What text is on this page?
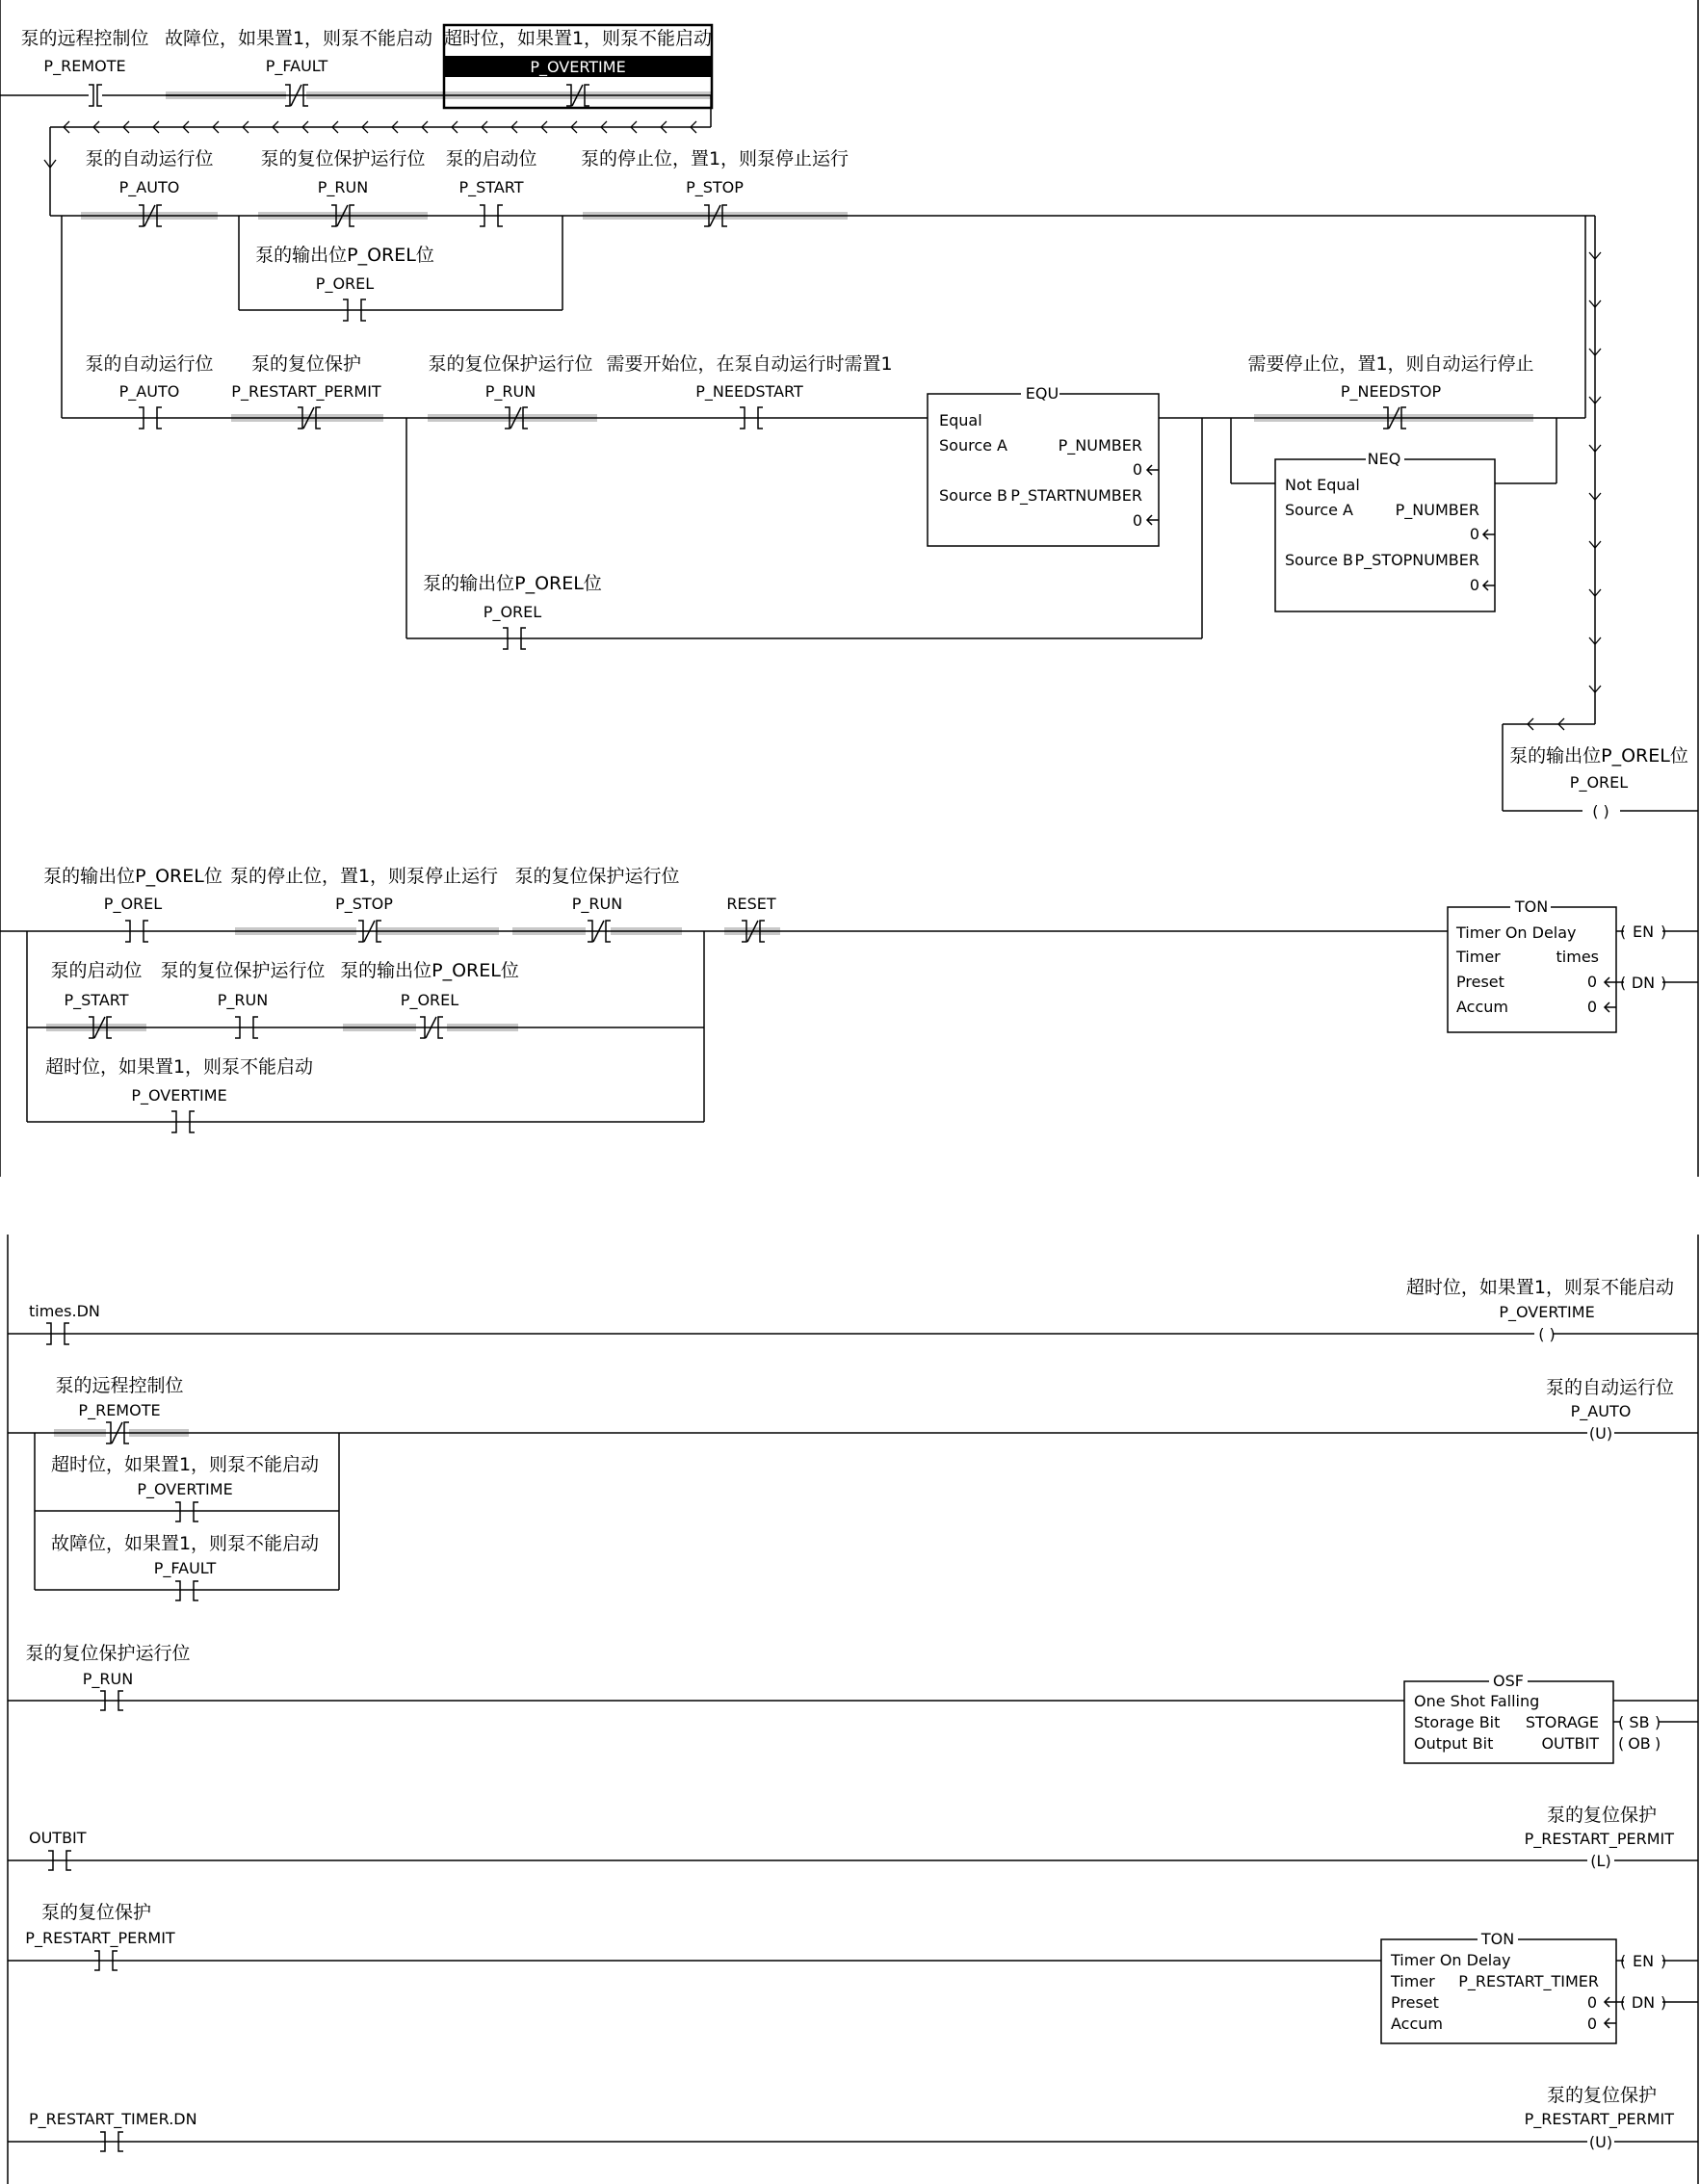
泵的远程控制位
P_REMOTE
故障位，如果置1，则泵不能启动
P_FAULT
超时位，如果置1，则泵不能启动
P_OVERTIME
泵的自动运行位
P_AUTO
泵的复位保护运行位
P_RUN
泵的启动位
P_START
泵的停止位，置1，则泵停止运行
P_STOP
泵的输出位P_OREL位
P_OREL
泵的自动运行位
P_AUTO
泵的复位保护
P_RESTART_PERMIT
泵的复位保护运行位
P_RUN
需要开始位，在泵自动运行时需置1
P_NEEDSTART
需要停止位，置1，则自动运行停止
P_NEEDSTOP
泵的输出位P_OREL位
P_OREL
EQU
Equal
Source A	P_NUMBER
0
Source B P_STARTNUMBER
0
NEQ
Not Equal
Source A	P_NUMBER
0
Source B P_STOPNUMBER
0
泵的输出位P_OREL位
P_OREL
( )
泵的输出位P_OREL位
P_OREL
泵的停止位，置1，则泵停止运行
P_STOP
泵的复位保护运行位
P_RUN	RESET
泵的启动位
P_START
泵的复位保护运行位
P_RUN
泵的输出位P_OREL位
P_OREL
超时位，如果置1，则泵不能启动
P_OVERTIME
TON
Timer On Delay
Timer	times
Preset	0
Accum	0
( EN )
( DN )
times.DN
超时位，如果置1，则泵不能启动
P_OVERTIME
( )
泵的远程控制位
P_REMOTE
超时位，如果置1，则泵不能启动
P_OVERTIME
故障位，如果置1，则泵不能启动
P_FAULT
泵的自动运行位
P_AUTO
(U)
泵的复位保护运行位
P_RUN	OSF
One Shot Falling
Storage Bit STORAGE
Output Bit	OUTBIT
( SB )
( OB )
OUTBIT
泵的复位保护
P_RESTART_PERMIT
(L)
泵的复位保护
P_RESTART_PERMIT	TON
Timer On Delay
Timer P_RESTART_TIMER
Preset	0
Accum	0
( EN )
( DN )
P_RESTART_TIMER.DN
泵的复位保护
P_RESTART_PERMIT
(U)
